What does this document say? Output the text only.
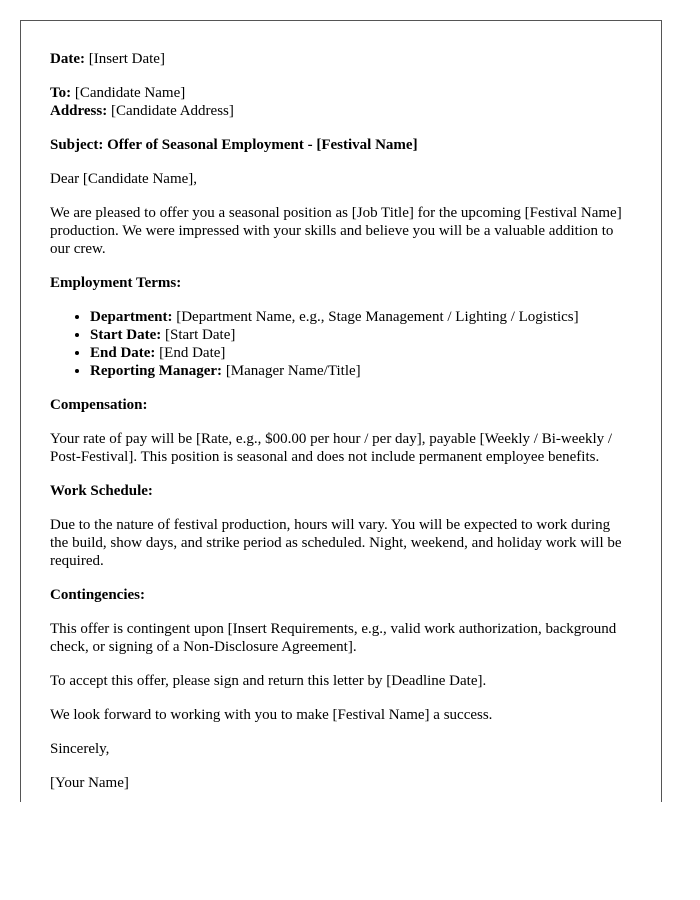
Date: [Insert Date]

To: [Candidate Name]

Address: [Candidate Address]

Subject: Offer of Seasonal Employment - [Festival Name]

Dear [Candidate Name],

We are pleased to offer you a seasonal position as [Job Title] for the upcoming [Festival Name] production. We were impressed with your skills and believe you will be a valuable addition to our crew.

Employment Terms:

• Department: [Department Name, e.g., Stage Management / Lighting / Logistics]
• Start Date: [Start Date]
• End Date: [End Date]
• Reporting Manager: [Manager Name/Title]

Compensation:

Your rate of pay will be [Rate, e.g., $00.00 per hour / per day], payable [Weekly / Bi-weekly / Post-Festival]. This position is seasonal and does not include permanent employee benefits.

Work Schedule:

Due to the nature of festival production, hours will vary. You will be expected to work during the build, show days, and strike period as scheduled. Night, weekend, and holiday work will be required.

Contingencies:

This offer is contingent upon [Insert Requirements, e.g., valid work authorization, background check, or signing of a Non-Disclosure Agreement].

To accept this offer, please sign and return this letter by [Deadline Date].

We look forward to working with you to make [Festival Name] a success.

Sincerely,

[Your Name]
